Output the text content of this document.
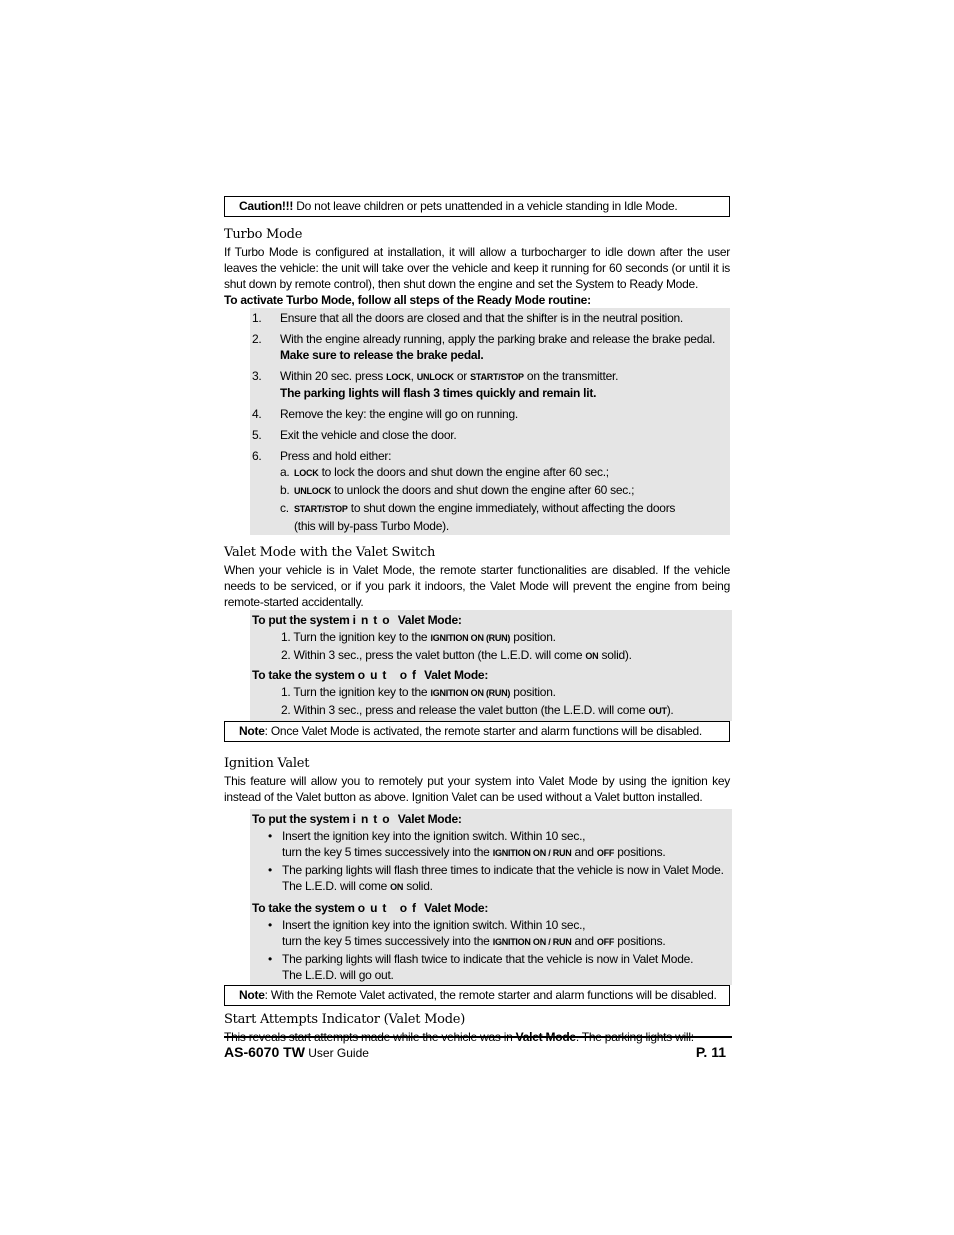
Caution!!! Do not leave children or pets unattended in a vehicle standing in Idle Mode.
Turbo Mode
If Turbo Mode is configured at installation, it will allow a turbocharger to idle down after the user leaves the vehicle: the unit will take over the vehicle and keep it running for 60 seconds (or until it is shut down by remote control), then shut down the engine and set the System to Ready Mode.
To activate Turbo Mode, follow all steps of the Ready Mode routine:
1. Ensure that all the doors are closed and that the shifter is in the neutral position.
2. With the engine already running, apply the parking brake and release the brake pedal.
Make sure to release the brake pedal.
3. Within 20 sec. press LOCK, UNLOCK or START/STOP on the transmitter.
The parking lights will flash 3 times quickly and remain lit.
4. Remove the key: the engine will go on running.
5. Exit the vehicle and close the door.
6. Press and hold either:
a. LOCK to lock the doors and shut down the engine after 60 sec.;
b. UNLOCK to unlock the doors and shut down the engine after 60 sec.;
c. START/STOP to shut down the engine immediately, without affecting the doors
(this will by-pass Turbo Mode).
Valet Mode with the Valet Switch
When your vehicle is in Valet Mode, the remote starter functionalities are disabled. If the vehicle needs to be serviced, or if you park it indoors, the Valet Mode will prevent the engine from being remote-started accidentally.
To put the system into Valet Mode:
1. Turn the ignition key to the IGNITION ON (RUN) position.
2. Within 3 sec., press the valet button (the L.E.D. will come ON solid).
To take the system out of Valet Mode:
1. Turn the ignition key to the IGNITION ON (RUN) position.
2. Within 3 sec., press and release the valet button (the L.E.D. will come OUT).
Note: Once Valet Mode is activated, the remote starter and alarm functions will be disabled.
Ignition Valet
This feature will allow you to remotely put your system into Valet Mode by using the ignition key instead of the Valet button as above. Ignition Valet can be used without a Valet button installed.
To put the system into Valet Mode:
• Insert the ignition key into the ignition switch. Within 10 sec.,
turn the key 5 times successively into the IGNITION ON / RUN and OFF positions.
• The parking lights will flash three times to indicate that the vehicle is now in Valet Mode.
The L.E.D. will come ON solid.
To take the system out of Valet Mode:
• Insert the ignition key into the ignition switch. Within 10 sec.,
turn the key 5 times successively into the IGNITION ON / RUN and OFF positions.
• The parking lights will flash twice to indicate that the vehicle is now in Valet Mode.
The L.E.D. will go out.
Note: With the Remote Valet activated, the remote starter and alarm functions will be disabled.
Start Attempts Indicator (Valet Mode)
This reveals start attempts made while the vehicle was in Valet Mode. The parking lights will:
AS-6070 TW User Guide	P. 11
